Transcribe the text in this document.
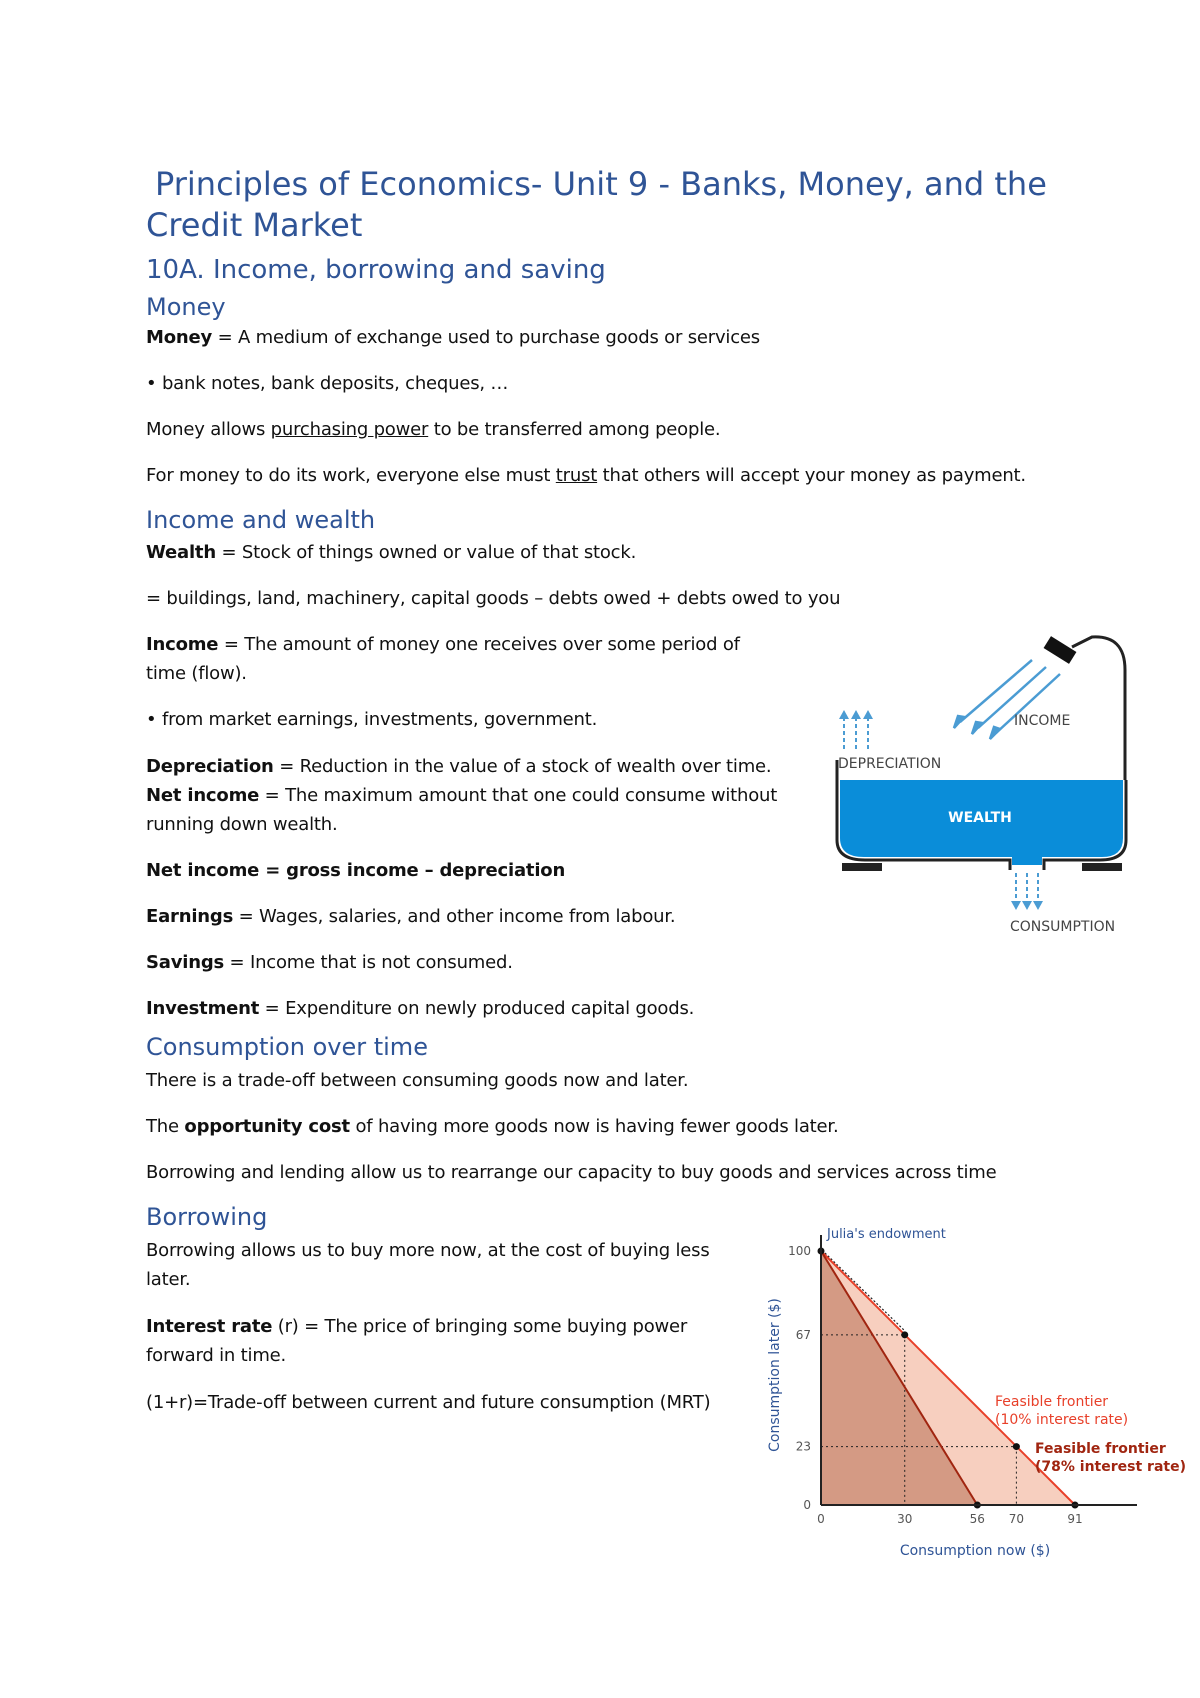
Principles of Economics- Unit 9 - Banks, Money, and the Credit Market
10A. Income, borrowing and saving
Money

Money = A medium of exchange used to purchase goods or services

• bank notes, bank deposits, cheques, …

Money allows purchasing power to be transferred among people.

For money to do its work, everyone else must trust that others will accept your money as payment.

Income and wealth

Wealth = Stock of things owned or value of that stock.

= buildings, land, machinery, capital goods – debts owed + debts owed to you

Income = The amount of money one receives over some period of time (flow).

• from market earnings, investments, government.

Depreciation = Reduction in the value of a stock of wealth over time.

Net income = The maximum amount that one could consume without running down wealth.

Net income = gross income – depreciation

Earnings = Wages, salaries, and other income from labour.

Savings = Income that is not consumed.

Investment = Expenditure on newly produced capital goods.

INCOME
DEPRECIATION
WEALTH
CONSUMPTION
Consumption over time

There is a trade-off between consuming goods now and later.

The opportunity cost of having more goods now is having fewer goods later.

Borrowing and lending allow us to rearrange our capacity to buy goods and services across time

Borrowing

Borrowing allows us to buy more now, at the cost of buying less later.

Interest rate (r) = The price of bringing some buying power forward in time.

(1+r)=Trade-off between current and future consumption (MRT)

0	30	56 70	91
0
23
67
100
Consumption later ($)
Consumption now ($)
Julia's endowment
Feasible frontier
(10% interest rate)
Feasible frontier
(78% interest rate)
